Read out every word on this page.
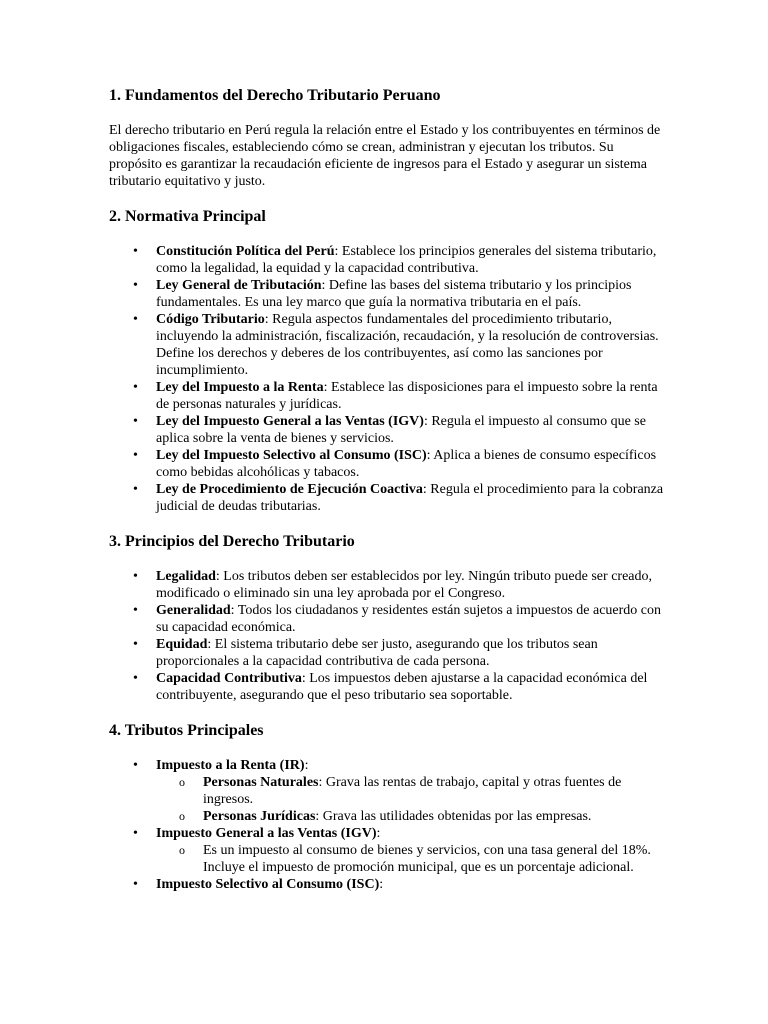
1. Fundamentos del Derecho Tributario Peruano

El derecho tributario en Perú regula la relación entre el Estado y los contribuyentes en términos de obligaciones fiscales, estableciendo cómo se crean, administran y ejecutan los tributos. Su propósito es garantizar la recaudación eficiente de ingresos para el Estado y asegurar un sistema tributario equitativo y justo.

2. Normativa Principal
• Constitución Política del Perú: Establece los principios generales del sistema tributario, como la legalidad, la equidad y la capacidad contributiva.
• Ley General de Tributación: Define las bases del sistema tributario y los principios fundamentales. Es una ley marco que guía la normativa tributaria en el país.
• Código Tributario: Regula aspectos fundamentales del procedimiento tributario, incluyendo la administración, fiscalización, recaudación, y la resolución de controversias. Define los derechos y deberes de los contribuyentes, así como las sanciones por incumplimiento.
• Ley del Impuesto a la Renta: Establece las disposiciones para el impuesto sobre la renta de personas naturales y jurídicas.
• Ley del Impuesto General a las Ventas (IGV): Regula el impuesto al consumo que se aplica sobre la venta de bienes y servicios.
• Ley del Impuesto Selectivo al Consumo (ISC): Aplica a bienes de consumo específicos como bebidas alcohólicas y tabacos.
• Ley de Procedimiento de Ejecución Coactiva: Regula el procedimiento para la cobranza judicial de deudas tributarias.
3. Principios del Derecho Tributario
• Legalidad: Los tributos deben ser establecidos por ley. Ningún tributo puede ser creado, modificado o eliminado sin una ley aprobada por el Congreso.
• Generalidad: Todos los ciudadanos y residentes están sujetos a impuestos de acuerdo con su capacidad económica.
• Equidad: El sistema tributario debe ser justo, asegurando que los tributos sean proporcionales a la capacidad contributiva de cada persona.
• Capacidad Contributiva: Los impuestos deben ajustarse a la capacidad económica del contribuyente, asegurando que el peso tributario sea soportable.
4. Tributos Principales
• Impuesto a la Renta (IR):
o Personas Naturales: Grava las rentas de trabajo, capital y otras fuentes de ingresos.
o Personas Jurídicas: Grava las utilidades obtenidas por las empresas.
• Impuesto General a las Ventas (IGV):
o Es un impuesto al consumo de bienes y servicios, con una tasa general del 18%. Incluye el impuesto de promoción municipal, que es un porcentaje adicional.
• Impuesto Selectivo al Consumo (ISC):
